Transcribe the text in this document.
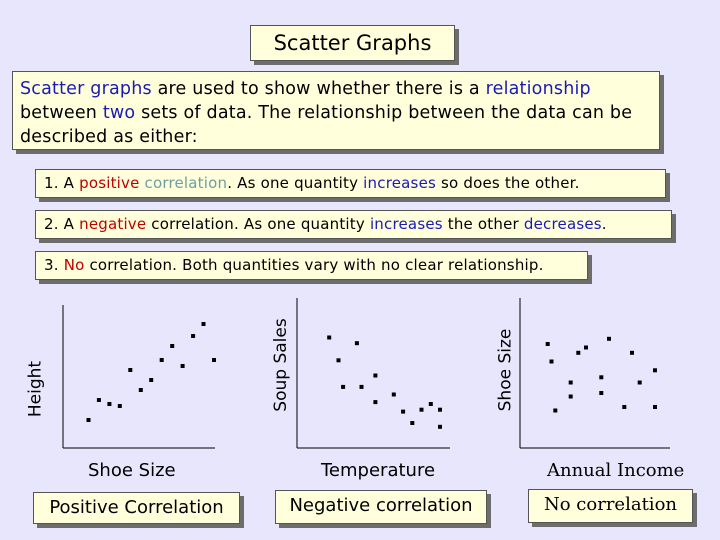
Scatter Graphs
Scatter graphs are used to show whether there is a relationship between two sets of data. The relationship between the data can be described as either:
1. A positive correlation. As one quantity increases so does the other.
2. A negative correlation. As one quantity increases the other decreases.
3. No correlation. Both quantities vary with no clear relationship.
Height
Shoe Size
Positive Correlation
Soup Sales
Temperature
Negative correlation
Shoe Size
Annual Income
No correlation
